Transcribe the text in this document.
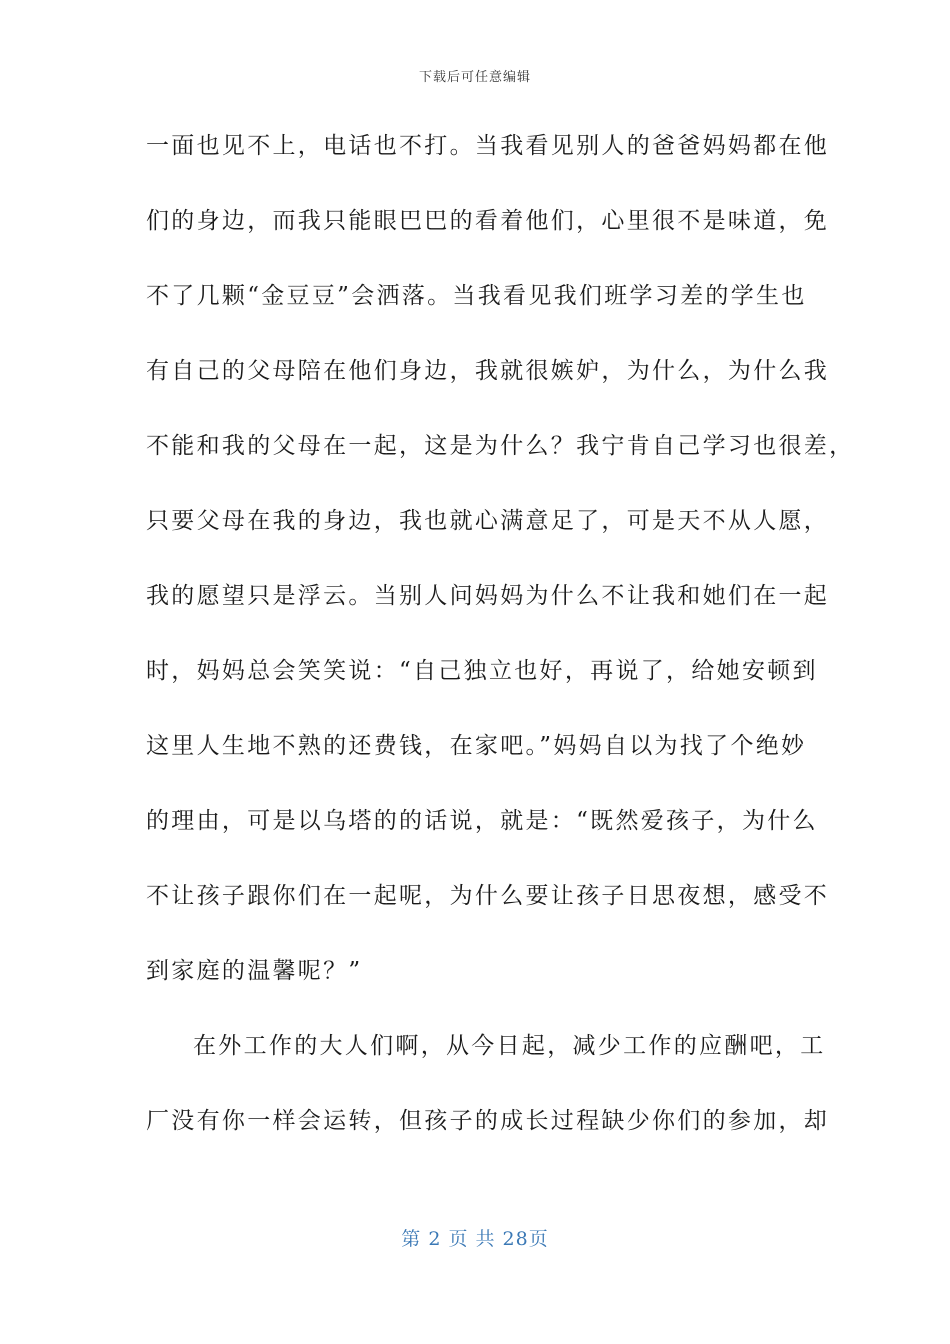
下载后可任意编辑
一面也见不上，电话也不打。当我看见别人的爸爸妈妈都在他
们的身边，而我只能眼巴巴的看着他们，心里很不是味道，免
不了几颗“金豆豆”会洒落。当我看见我们班学习差的学生也
有自己的父母陪在他们身边，我就很嫉妒，为什么，为什么我
不能和我的父母在一起，这是为什么？我宁肯自己学习也很差，
只要父母在我的身边，我也就心满意足了，可是天不从人愿，
我的愿望只是浮云。当别人问妈妈为什么不让我和她们在一起
时，妈妈总会笑笑说：“自己独立也好，再说了，给她安顿到
这里人生地不熟的还费钱，在家吧。”妈妈自以为找了个绝妙
的理由，可是以乌塔的的话说，就是：“既然爱孩子，为什么
不让孩子跟你们在一起呢，为什么要让孩子日思夜想，感受不
到家庭的温馨呢？”
在外工作的大人们啊，从今日起，减少工作的应酬吧，工
厂没有你一样会运转，但孩子的成长过程缺少你们的参加，却
第 2 页 共 28页
